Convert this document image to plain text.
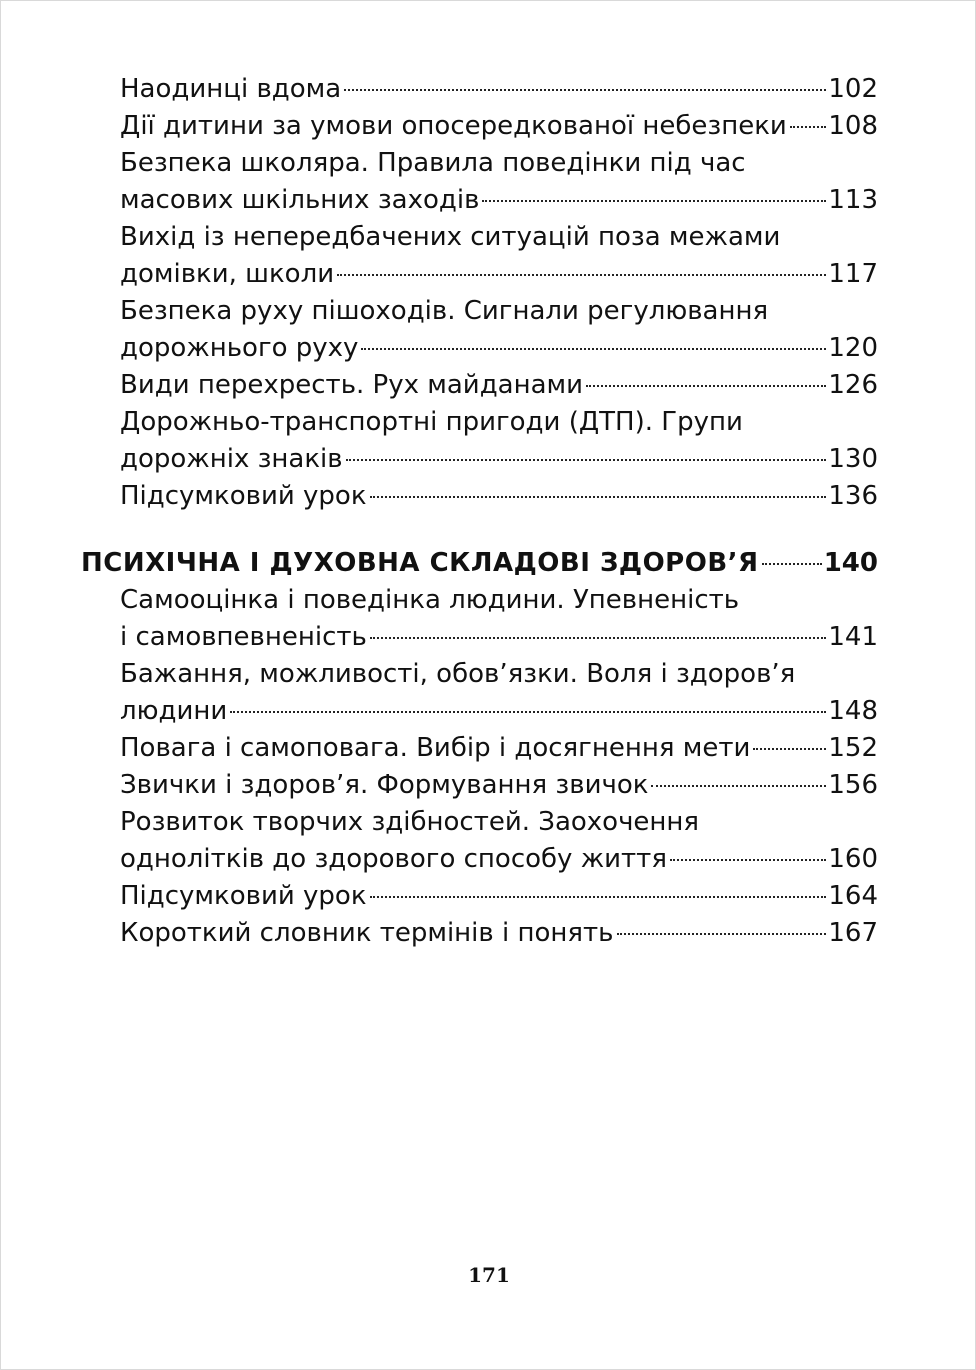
Наодинці вдома	102
Дії дитини за умови опосередкованої небезпеки 108
Безпека школяра. Правила поведінки під час
масових шкільних заходів	113
Вихід із непередбачених ситуацій поза межами
домівки, школи	117
Безпека руху пішоходів. Сигнали регулювання
дорожнього руху	120
Види перехресть. Рух майданами	126
Дорожньо-транспортні пригоди (ДТП). Групи
дорожніх знаків	130
Підсумковий урок	136
ПСИХІЧНА І ДУХОВНА СКЛАДОВІ ЗДОРОВ’Я	140
Самооцінка і поведінка людини. Упевненість
і самовпевненість	141
Бажання, можливості, обов’язки. Воля і здоров’я
людини	148
Повага і самоповага. Вибір і досягнення мети	152
Звички і здоров’я. Формування звичок	156
Розвиток творчих здібностей. Заохочення
однолітків до здорового способу життя	160
Підсумковий урок	164
Короткий словник термінів і понять	167
171
